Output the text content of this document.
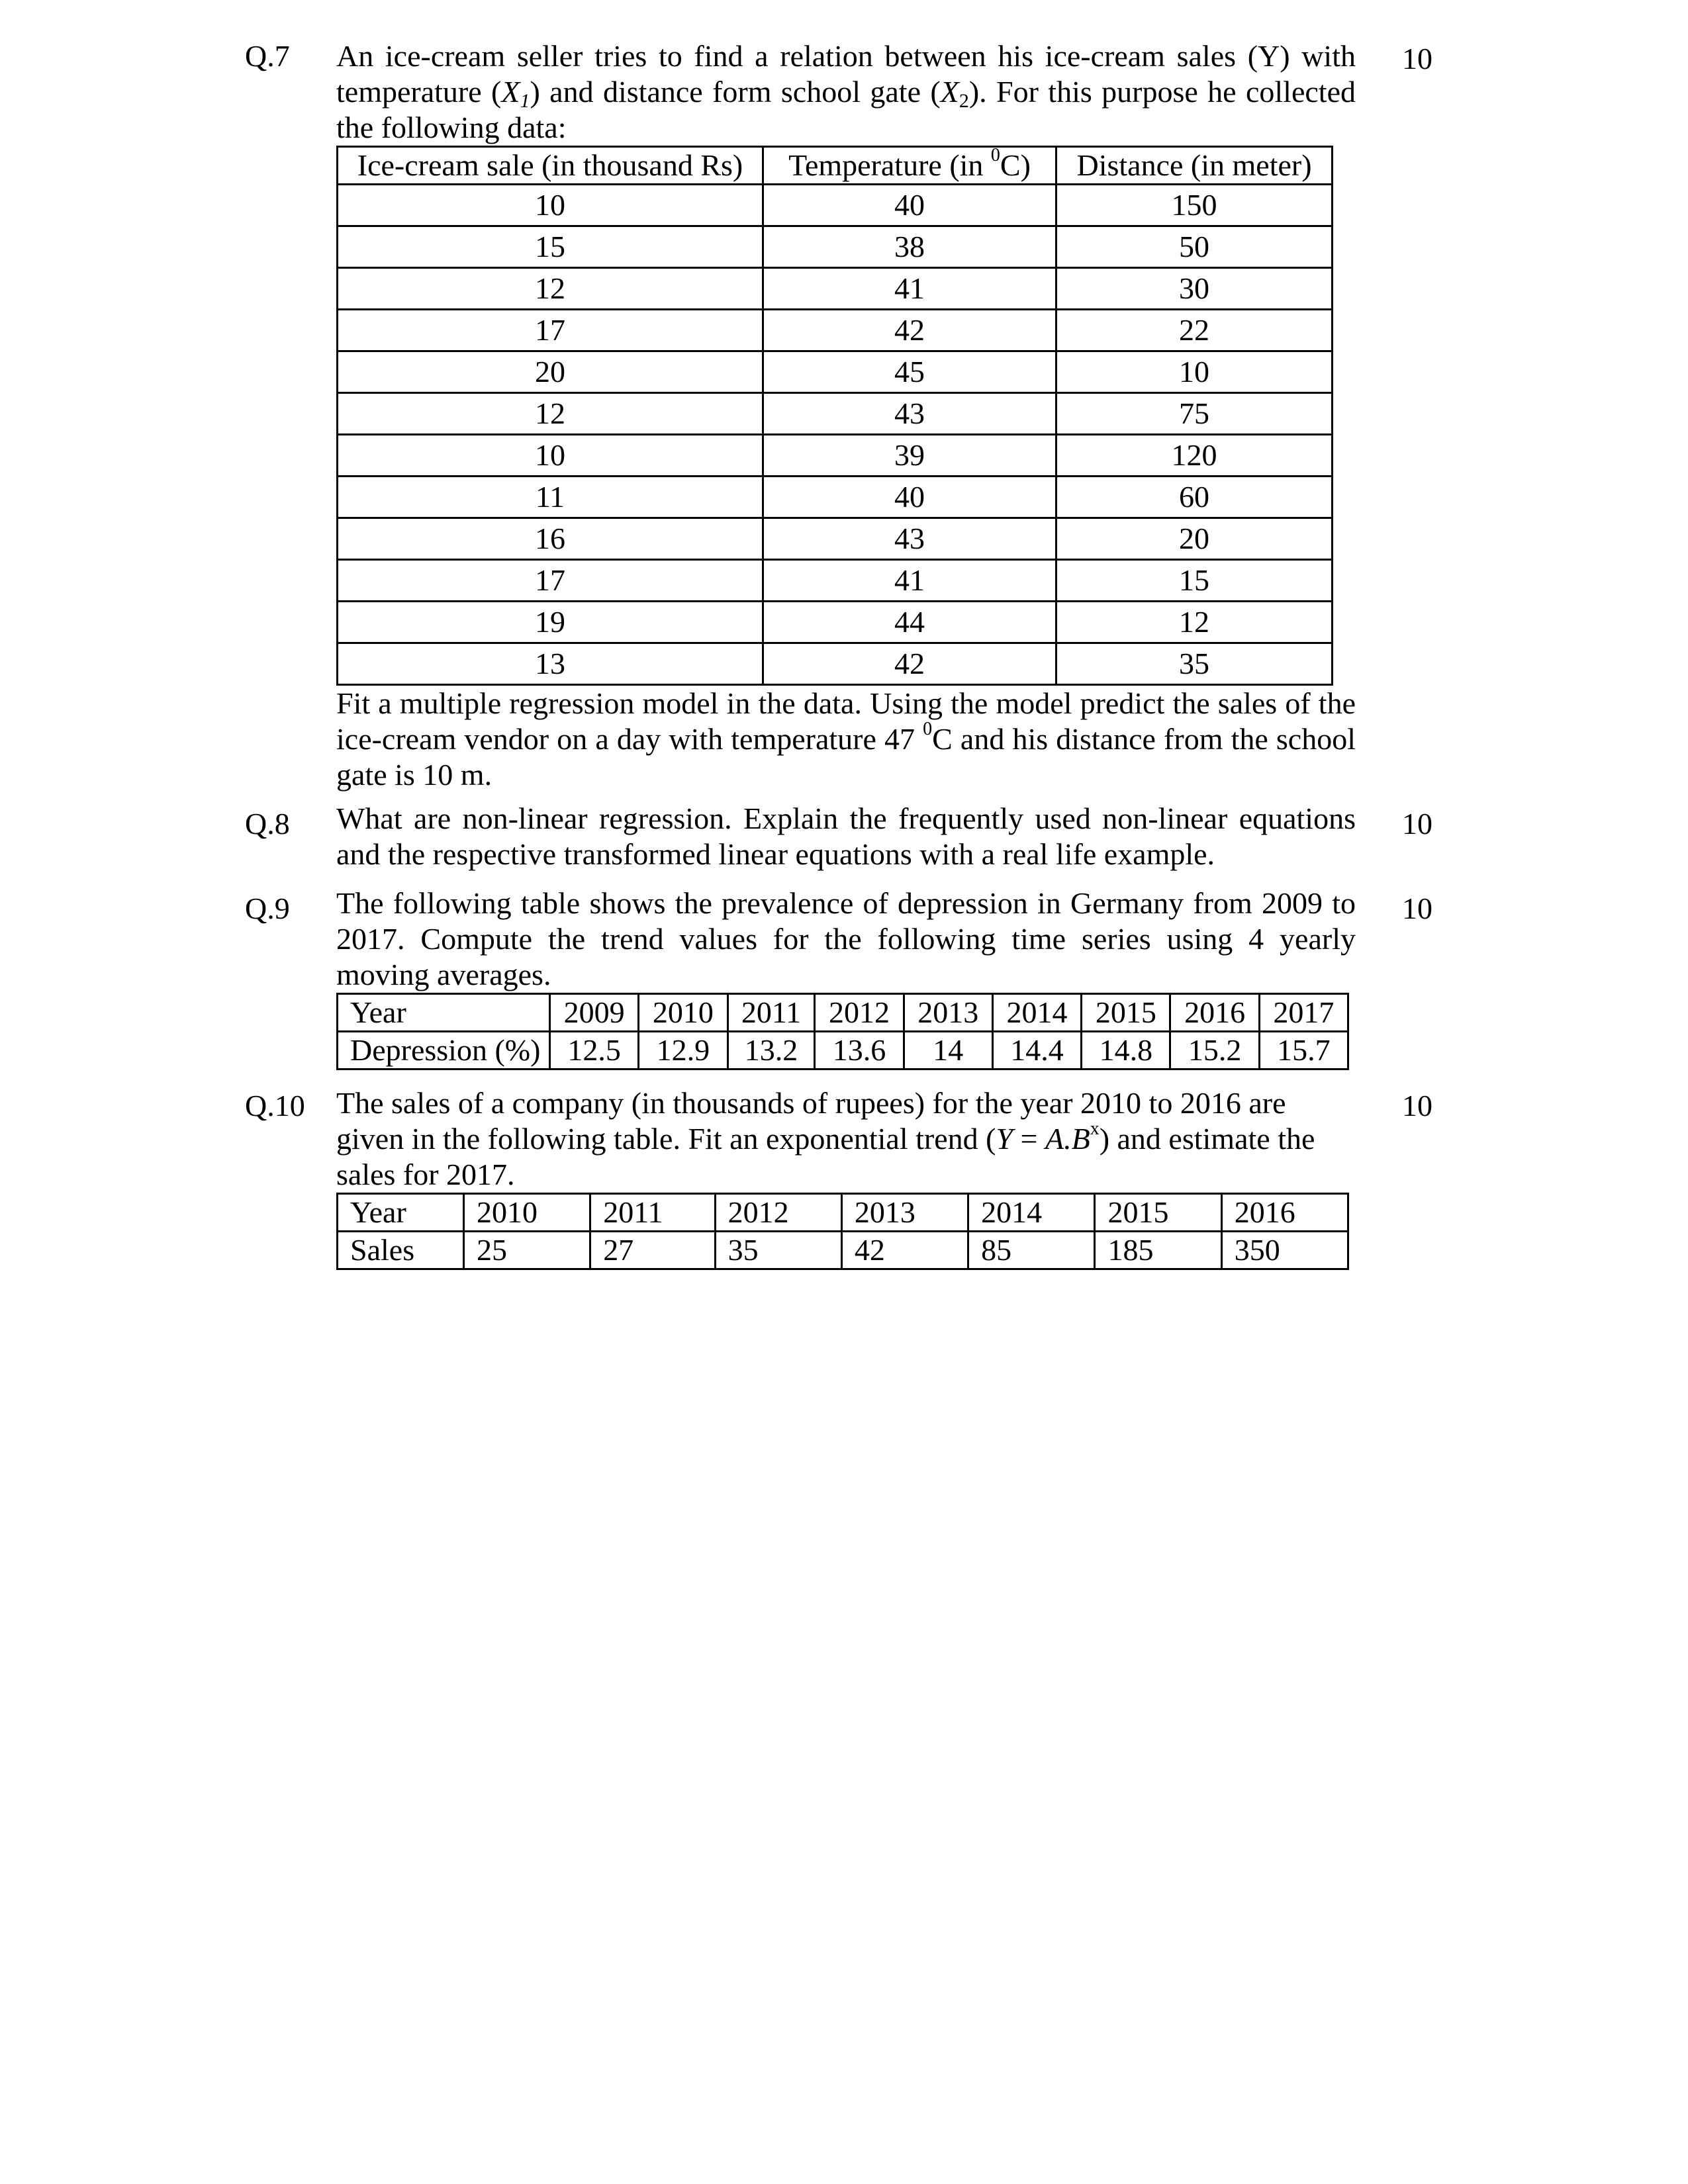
Q.7	10

An ice-cream seller tries to find a relation between his ice-cream sales (Y) with temperature $(X_1)$ and distance form school gate $(X_2)$. For this purpose he collected the following data:

Ice-cream sale (in thousand Rs)	Temperature (in $^0$C)	Distance (in meter)
10	40	150
15	38	50
12	41	30
17	42	22
20	45	10
12	43	75
10	39	120
11	40	60
16	43	20
17	41	15
19	44	12
13	42	35

Fit a multiple regression model in the data. Using the model predict the sales of the ice-cream vendor on a day with temperature 47 $^0$C and his distance from the school gate is 10 m.

Q.8	10
What are non-linear regression. Explain the frequently used non-linear equations and the respective transformed linear equations with a real life example.
Q.9	10

The following table shows the prevalence of depression in Germany from 2009 to 2017. Compute the trend values for the following time series using 4 yearly moving averages.

Year	2009	2010	2011	2012	2013	2014	2015	2016	2017
Depression (%)	12.5	12.9	13.2	13.6	14	14.4	14.8	15.2	15.7
Q.10	10

The sales of a company (in thousands of rupees) for the year 2010 to 2016 are given in the following table. Fit an exponential trend $(Y = A.B^x)$ and estimate the sales for 2017.

Year	2010	2011	2012	2013	2014	2015	2016
Sales	25	27	35	42	85	185	350
